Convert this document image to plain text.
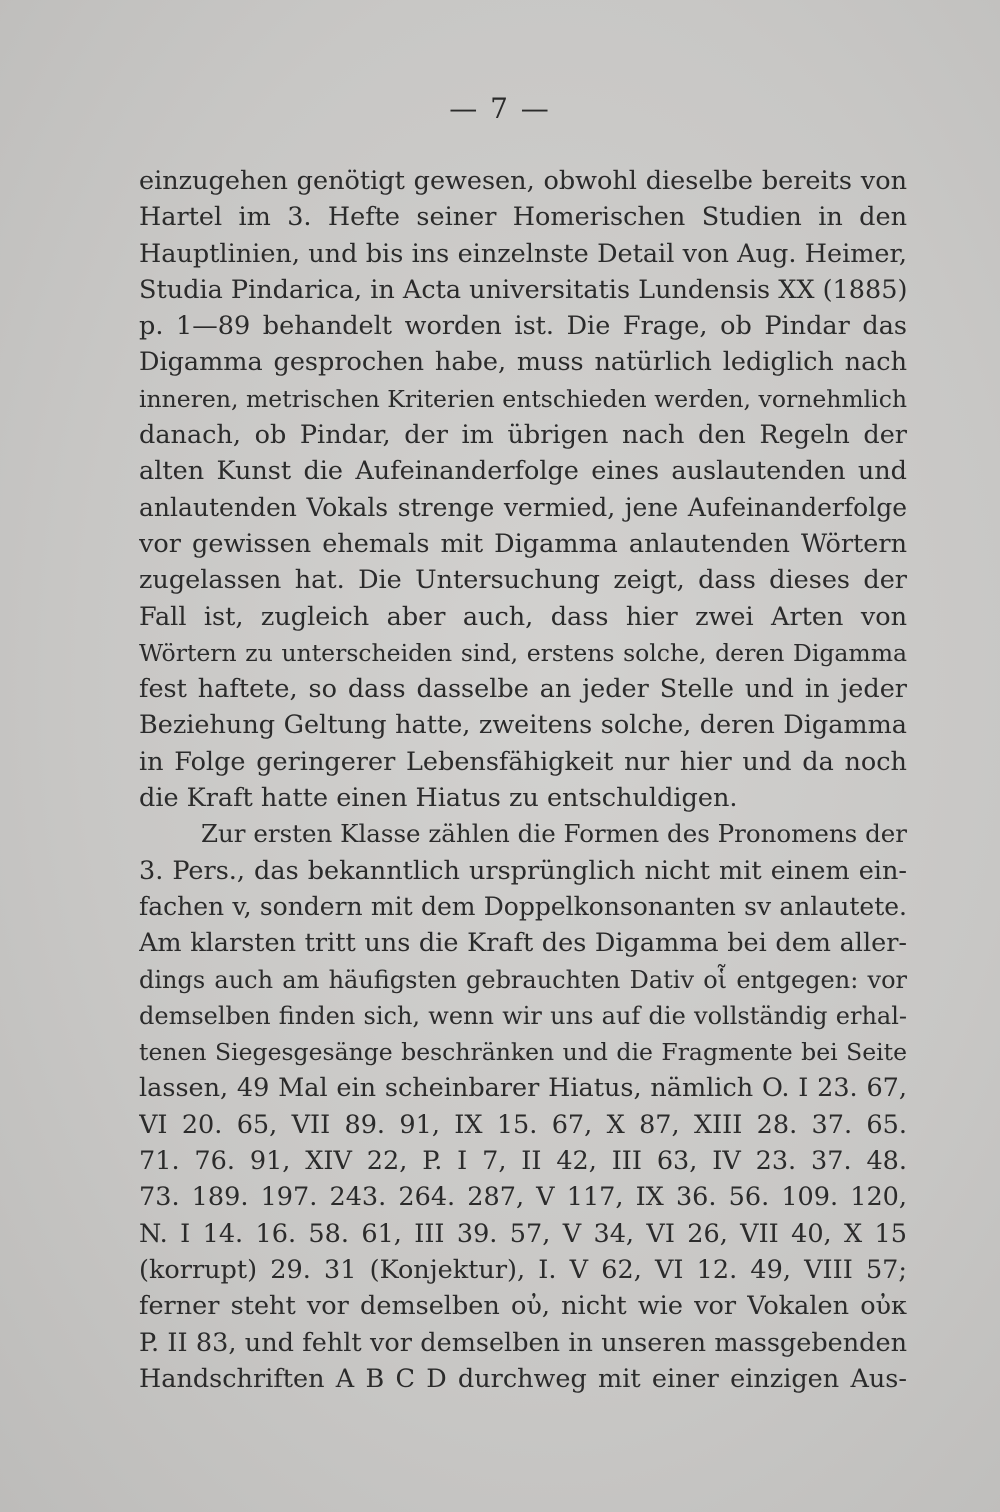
— 7 —
einzugehen genötigt gewesen, obwohl dieselbe bereits von
Hartel im 3. Hefte seiner Homerischen Studien in den
Hauptlinien, und bis ins einzelnste Detail von Aug. Heimer,
Studia Pindarica, in Acta universitatis Lundensis XX (1885)
p. 1—89 behandelt worden ist. Die Frage, ob Pindar das
Digamma gesprochen habe, muss natürlich lediglich nach
inneren, metrischen Kriterien entschieden werden, vornehmlich
danach, ob Pindar, der im übrigen nach den Regeln der
alten Kunst die Aufeinanderfolge eines auslautenden und
anlautenden Vokals strenge vermied, jene Aufeinanderfolge
vor gewissen ehemals mit Digamma anlautenden Wörtern
zugelassen hat. Die Untersuchung zeigt, dass dieses der
Fall ist, zugleich aber auch, dass hier zwei Arten von
Wörtern zu unterscheiden sind, erstens solche, deren Digamma
fest haftete, so dass dasselbe an jeder Stelle und in jeder
Beziehung Geltung hatte, zweitens solche, deren Digamma
in Folge geringerer Lebensfähigkeit nur hier und da noch
die Kraft hatte einen Hiatus zu entschuldigen.
Zur ersten Klasse zählen die Formen des Pronomens der
3. Pers., das bekanntlich ursprünglich nicht mit einem ein-
fachen v, sondern mit dem Doppelkonsonanten sv anlautete.
Am klarsten tritt uns die Kraft des Digamma bei dem aller-
dings auch am häufigsten gebrauchten Dativ οἷ entgegen: vor
demselben finden sich, wenn wir uns auf die vollständig erhal-
tenen Siegesgesänge beschränken und die Fragmente bei Seite
lassen, 49 Mal ein scheinbarer Hiatus, nämlich O. I 23. 67,
VI 20. 65, VII 89. 91, IX 15. 67, X 87, XIII 28. 37. 65.
71. 76. 91, XIV 22, P. I 7, II 42, III 63, IV 23. 37. 48.
73. 189. 197. 243. 264. 287, V 117, IX 36. 56. 109. 120,
N. I 14. 16. 58. 61, III 39. 57, V 34, VI 26, VII 40, X 15
(korrupt) 29. 31 (Konjektur), I. V 62, VI 12. 49, VIII 57;
ferner steht vor demselben οὐ, nicht wie vor Vokalen οὐκ
P. II 83, und fehlt vor demselben in unseren massgebenden
Handschriften A B C D durchweg mit einer einzigen Aus-
